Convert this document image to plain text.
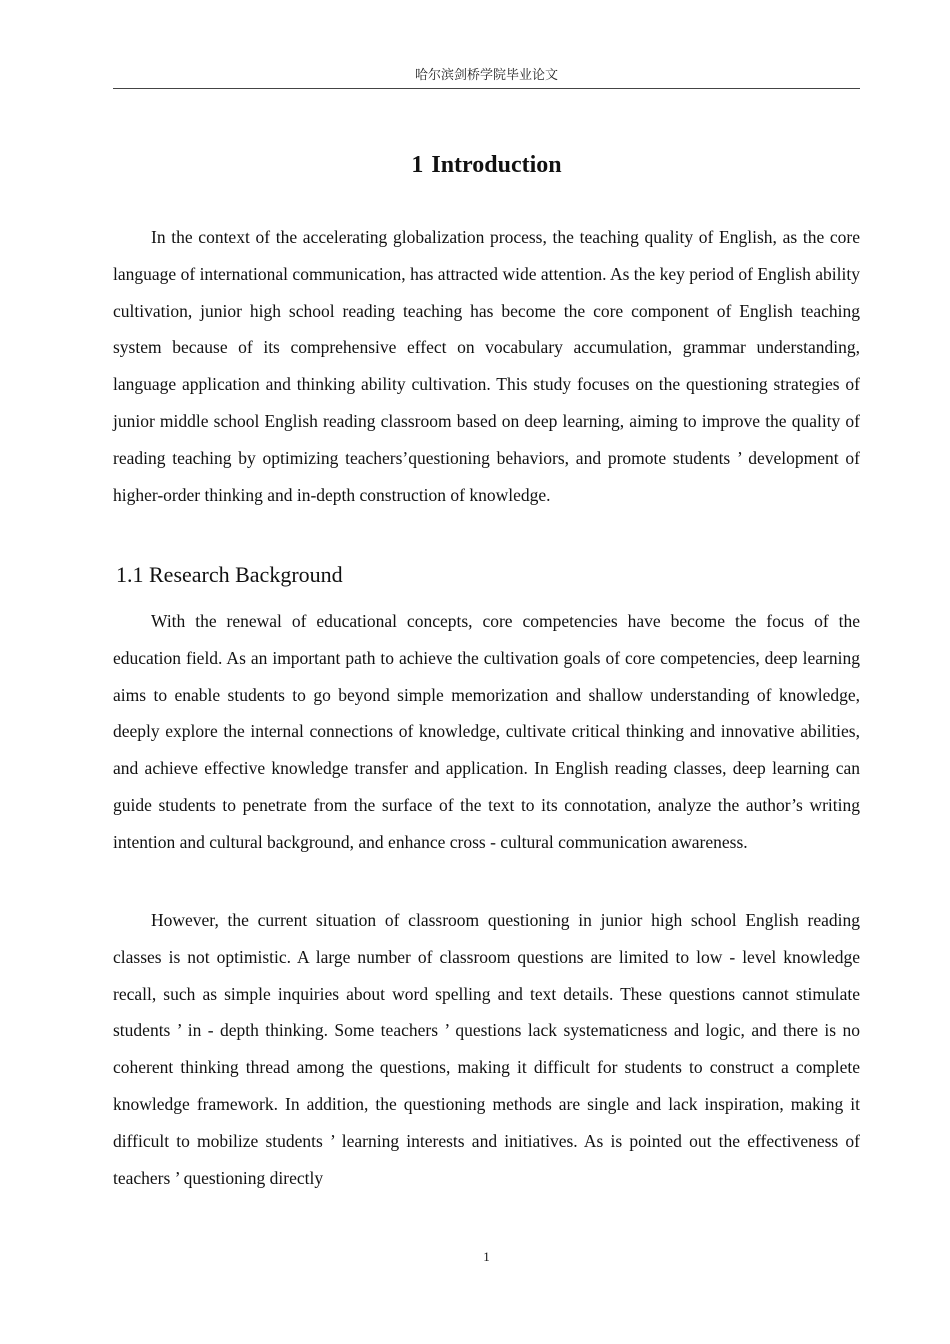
哈尔滨剑桥学院毕业论文
1 Introduction

In the context of the accelerating globalization process, the teaching quality of English, as the core language of international communication, has attracted wide attention. As the key period of English ability cultivation, junior high school reading teaching has become the core component of English teaching system because of its comprehensive effect on vocabulary accumulation, grammar understanding, language application and thinking ability cultivation. This study focuses on the questioning strategies of junior middle school English reading classroom based on deep learning, aiming to improve the quality of reading teaching by optimizing teachers’questioning behaviors, and promote students ’ development of higher-order thinking and in-depth construction of knowledge.

1.1 Research Background

With the renewal of educational concepts, core competencies have become the focus of the education field. As an important path to achieve the cultivation goals of core competencies, deep learning aims to enable students to go beyond simple memorization and shallow understanding of knowledge, deeply explore the internal connections of knowledge, cultivate critical thinking and innovative abilities, and achieve effective knowledge transfer and application. In English reading classes, deep learning can guide students to penetrate from the surface of the text to its connotation, analyze the author’s writing intention and cultural background, and enhance cross - cultural communication awareness.

However, the current situation of classroom questioning in junior high school English reading classes is not optimistic. A large number of classroom questions are limited to low - level knowledge recall, such as simple inquiries about word spelling and text details. These questions cannot stimulate students ’ in - depth thinking. Some teachers ’ questions lack systematicness and logic, and there is no coherent thinking thread among the questions, making it difficult for students to construct a complete knowledge framework. In addition, the questioning methods are single and lack inspiration, making it difficult to mobilize students ’ learning interests and initiatives. As is pointed out the effectiveness of teachers ’ questioning directly

1
